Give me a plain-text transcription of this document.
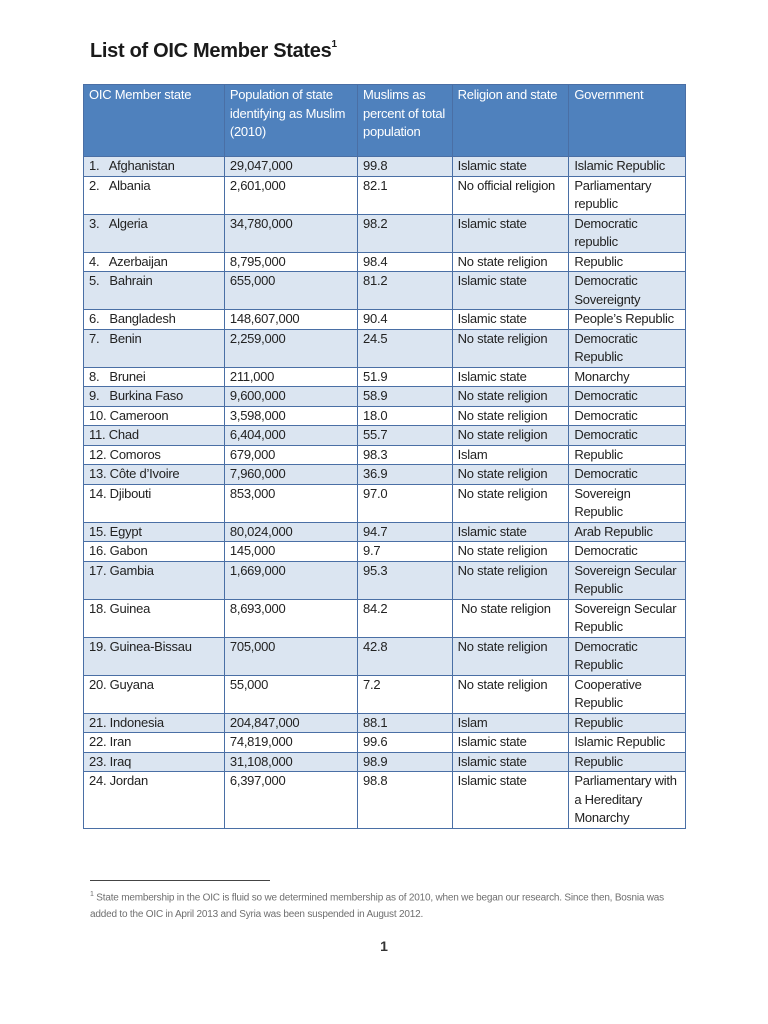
List of OIC Member States$^1$
OIC Member state	Population of state identifying as Muslim (2010)	Muslims as percent of total population	Religion and state	Government
1.   Afghanistan	29,047,000	99.8	Islamic state	Islamic Republic
2.   Albania	2,601,000	82.1	No official religion	Parliamentary republic
3.   Algeria	34,780,000	98.2	Islamic state	Democratic republic
4.   Azerbaijan	8,795,000	98.4	No state religion	Republic
5.   Bahrain	655,000	81.2	Islamic state	Democratic Sovereignty
6.   Bangladesh	148,607,000	90.4	Islamic state	People’s Republic
7.   Benin	2,259,000	24.5	No state religion	Democratic Republic
8.   Brunei	211,000	51.9	Islamic state	Monarchy
9.   Burkina Faso	9,600,000	58.9	No state religion	Democratic
10. Cameroon	3,598,000	18.0	No state religion	Democratic
11. Chad	6,404,000	55.7	No state religion	Democratic
12. Comoros	679,000	98.3	Islam	Republic
13. Côte d’Ivoire	7,960,000	36.9	No state religion	Democratic
14. Djibouti	853,000	97.0	No state religion	Sovereign Republic
15. Egypt	80,024,000	94.7	Islamic state	Arab Republic
16. Gabon	145,000	9.7	No state religion	Democratic
17. Gambia	1,669,000	95.3	No state religion	Sovereign Secular Republic
18. Guinea	8,693,000	84.2	No state religion	Sovereign Secular Republic
19. Guinea-Bissau	705,000	42.8	No state religion	Democratic Republic
20. Guyana	55,000	7.2	No state religion	Cooperative Republic
21. Indonesia	204,847,000	88.1	Islam	Republic
22. Iran	74,819,000	99.6	Islamic state	Islamic Republic
23. Iraq	31,108,000	98.9	Islamic state	Republic
24. Jordan	6,397,000	98.8	Islamic state	Parliamentary with a Hereditary Monarchy
$^1$ State membership in the OIC is fluid so we determined membership as of 2010, when we began our research. Since then, Bosnia was added to the OIC in April 2013 and Syria was been suspended in August 2012.
1
